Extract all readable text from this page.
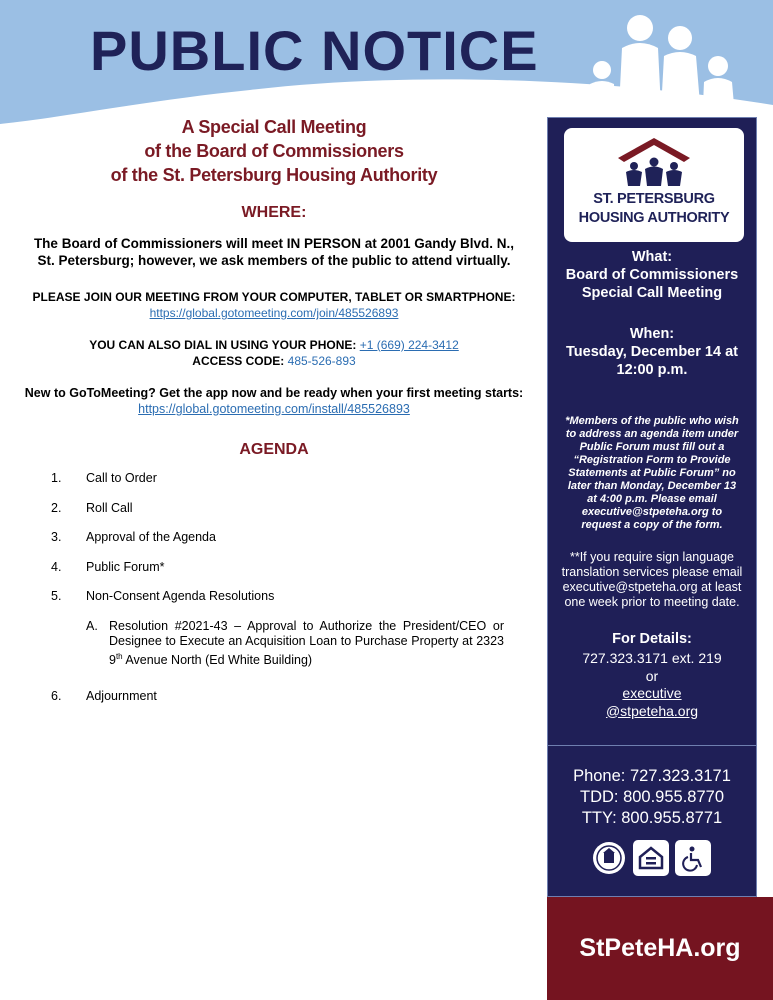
PUBLIC NOTICE
A Special Call Meeting
of the Board of Commissioners
of the St. Petersburg Housing Authority
WHERE:
The Board of Commissioners will meet IN PERSON at 2001 Gandy Blvd. N.,
St. Petersburg; however, we ask members of the public to attend virtually.
PLEASE JOIN OUR MEETING FROM YOUR COMPUTER, TABLET OR SMARTPHONE:
https://global.gotomeeting.com/join/485526893
YOU CAN ALSO DIAL IN USING YOUR PHONE: +1 (669) 224-3412
ACCESS CODE: 485-526-893
New to GoToMeeting? Get the app now and be ready when your first meeting starts:
https://global.gotomeeting.com/install/485526893
AGENDA
1. Call to Order
2. Roll Call
3. Approval of the Agenda
4. Public Forum*
5. Non-Consent Agenda Resolutions
A. Resolution #2021-43 – Approval to Authorize the President/CEO or Designee to Execute an Acquisition Loan to Purchase Property at 2323 9th Avenue North (Ed White Building)
6. Adjournment
ST. PETERSBURG
HOUSING AUTHORITY
What:
Board of Commissioners
Special Call Meeting
When:
Tuesday, December 14 at
12:00 p.m.
*Members of the public who wish
to address an agenda item under
Public Forum must fill out a
“Registration Form to Provide
Statements at Public Forum” no
later than Monday, December 13
at 4:00 p.m. Please email
executive@stpeteha.org to
request a copy of the form.
**If you require sign language
translation services please email
executive@stpeteha.org at least
one week prior to meeting date.
For Details:
727.323.3171 ext. 219
or
executive
@stpeteha.org
Phone: 727.323.3171
TDD: 800.955.8770
TTY: 800.955.8771
StPeteHA.org
